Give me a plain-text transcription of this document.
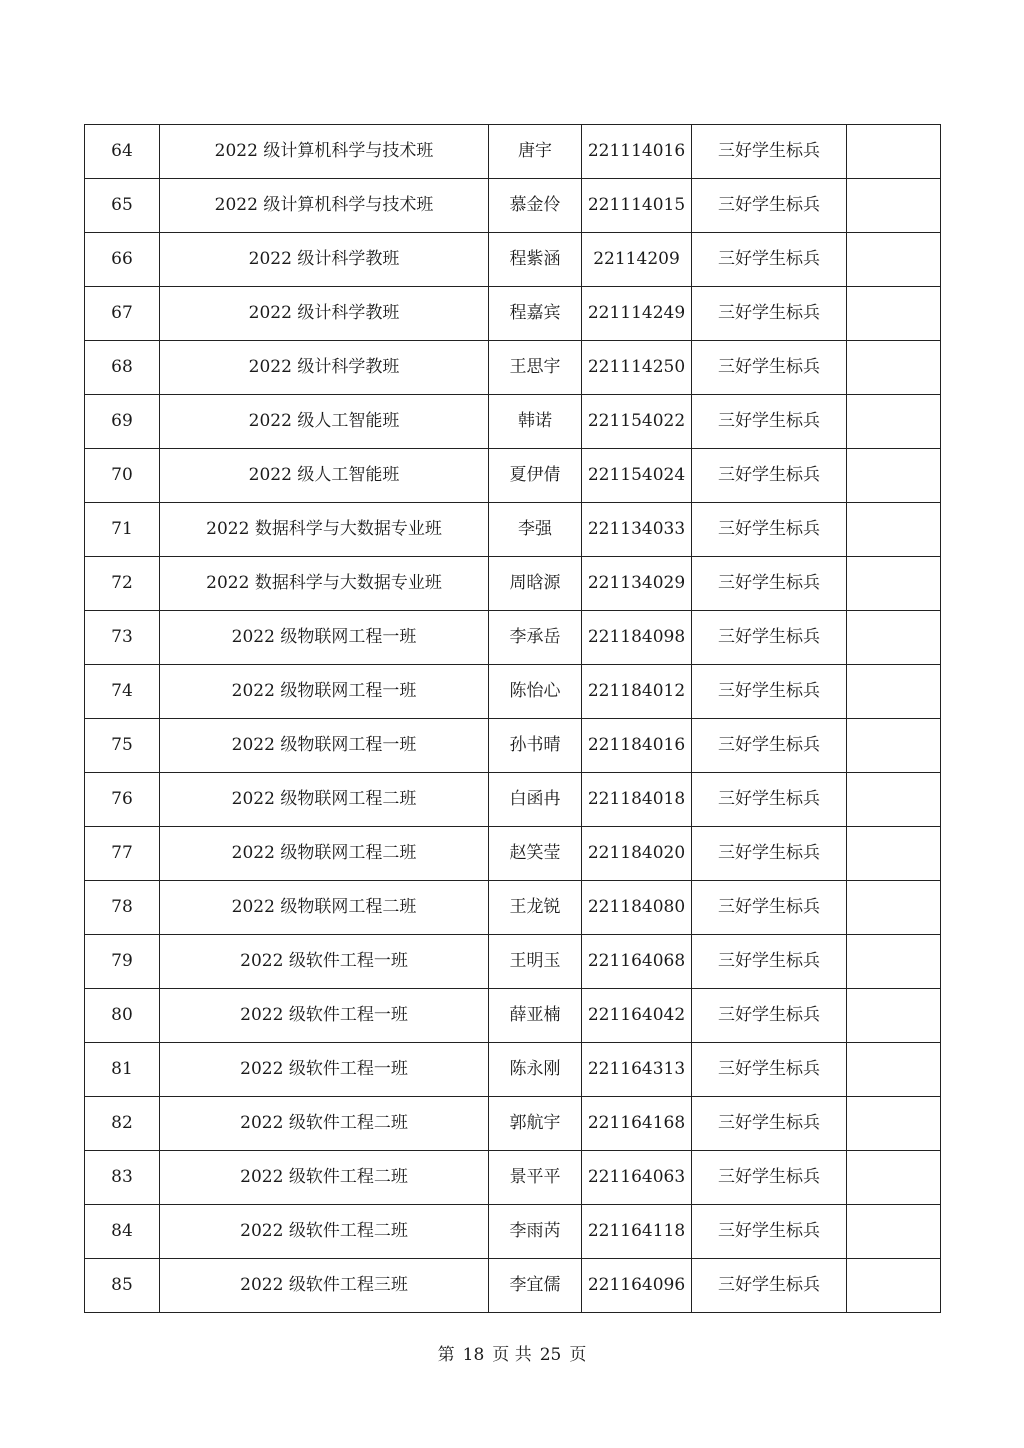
64	2022 级计算机科学与技术班	唐宇	221114016	三好学生标兵	
65	2022 级计算机科学与技术班	慕金伶	221114015	三好学生标兵	
66	2022 级计科学教班	程紫涵	22114209	三好学生标兵	
67	2022 级计科学教班	程嘉宾	221114249	三好学生标兵	
68	2022 级计科学教班	王思宇	221114250	三好学生标兵	
69	2022 级人工智能班	韩诺	221154022	三好学生标兵	
70	2022 级人工智能班	夏伊倩	221154024	三好学生标兵	
71	2022 数据科学与大数据专业班	李强	221134033	三好学生标兵	
72	2022 数据科学与大数据专业班	周晗源	221134029	三好学生标兵	
73	2022 级物联网工程一班	李承岳	221184098	三好学生标兵	
74	2022 级物联网工程一班	陈怡心	221184012	三好学生标兵	
75	2022 级物联网工程一班	孙书晴	221184016	三好学生标兵	
76	2022 级物联网工程二班	白函冉	221184018	三好学生标兵	
77	2022 级物联网工程二班	赵笑莹	221184020	三好学生标兵	
78	2022 级物联网工程二班	王龙锐	221184080	三好学生标兵	
79	2022 级软件工程一班	王明玉	221164068	三好学生标兵	
80	2022 级软件工程一班	薛亚楠	221164042	三好学生标兵	
81	2022 级软件工程一班	陈永刚	221164313	三好学生标兵	
82	2022 级软件工程二班	郭航宇	221164168	三好学生标兵	
83	2022 级软件工程二班	景平平	221164063	三好学生标兵	
84	2022 级软件工程二班	李雨芮	221164118	三好学生标兵	
85	2022 级软件工程三班	李宜儒	221164096	三好学生标兵	
第 18 页 共 25 页
